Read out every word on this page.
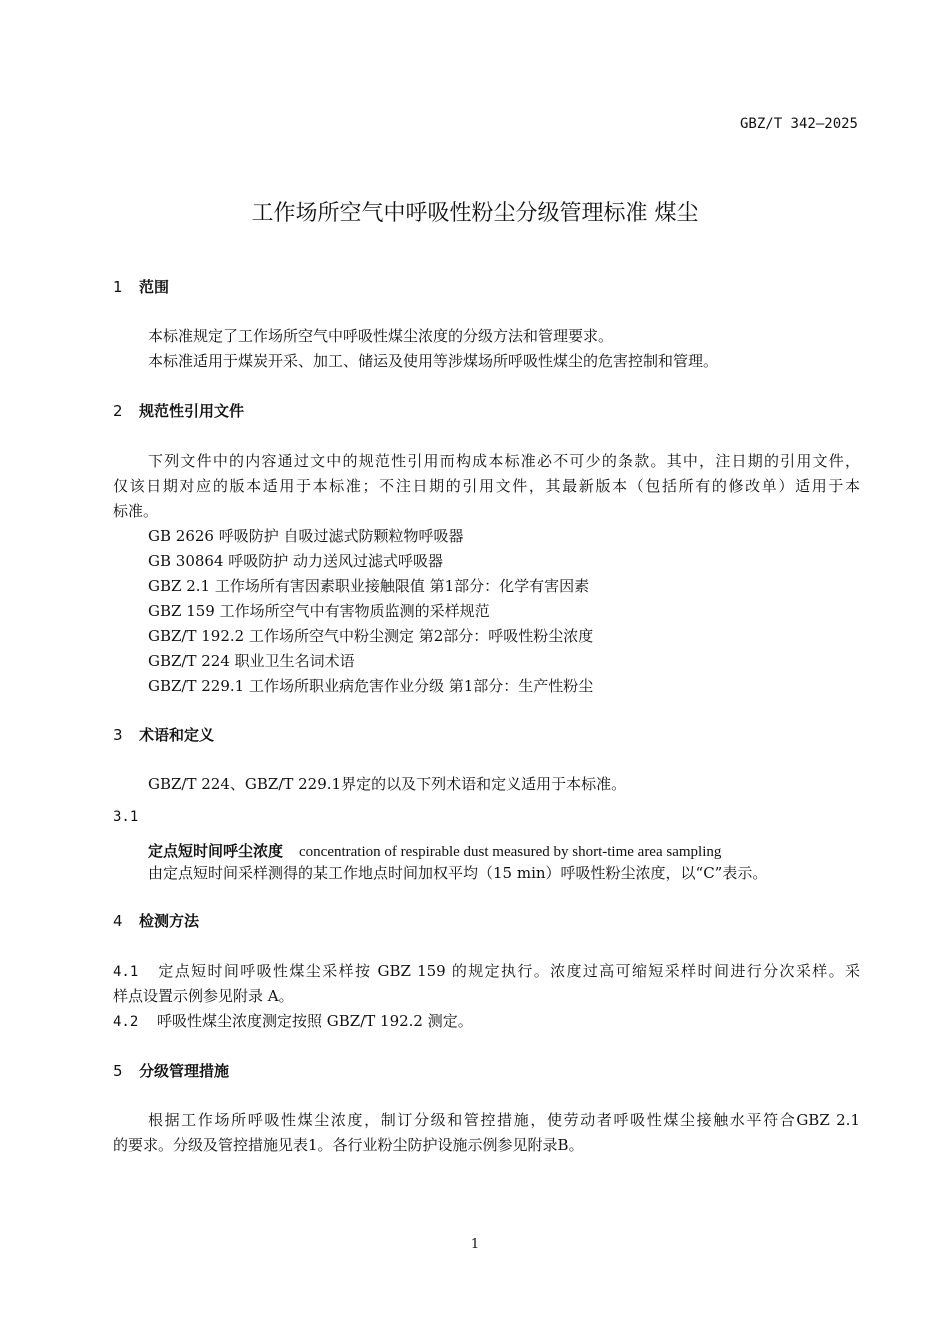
GBZ/T 342—2025
工作场所空气中呼吸性粉尘分级管理标准 煤尘
1 范围
本标准规定了工作场所空气中呼吸性煤尘浓度的分级方法和管理要求。
本标准适用于煤炭开采、加工、储运及使用等涉煤场所呼吸性煤尘的危害控制和管理。
2 规范性引用文件
下列文件中的内容通过文中的规范性引用而构成本标准必不可少的条款。其中，注日期的引用文件，
仅该日期对应的版本适用于本标准；不注日期的引用文件，其最新版本（包括所有的修改单）适用于本
标准。
GB 2626 呼吸防护 自吸过滤式防颗粒物呼吸器
GB 30864 呼吸防护 动力送风过滤式呼吸器
GBZ 2.1 工作场所有害因素职业接触限值 第1部分：化学有害因素
GBZ 159 工作场所空气中有害物质监测的采样规范
GBZ/T 192.2 工作场所空气中粉尘测定 第2部分：呼吸性粉尘浓度
GBZ/T 224 职业卫生名词术语
GBZ/T 229.1 工作场所职业病危害作业分级 第1部分：生产性粉尘
3 术语和定义
GBZ/T 224、GBZ/T 229.1界定的以及下列术语和定义适用于本标准。
3.1
定点短时间呼尘浓度 concentration of respirable dust measured by short-time area sampling
由定点短时间采样测得的某工作地点时间加权平均（15 min）呼吸性粉尘浓度，以“C”表示。
4 检测方法
4.1 定点短时间呼吸性煤尘采样按 GBZ 159 的规定执行。浓度过高可缩短采样时间进行分次采样。采
样点设置示例参见附录 A。
4.2 呼吸性煤尘浓度测定按照 GBZ/T 192.2 测定。
5 分级管理措施
根据工作场所呼吸性煤尘浓度，制订分级和管控措施，使劳动者呼吸性煤尘接触水平符合GBZ 2.1
的要求。分级及管控措施见表1。各行业粉尘防护设施示例参见附录B。
1
